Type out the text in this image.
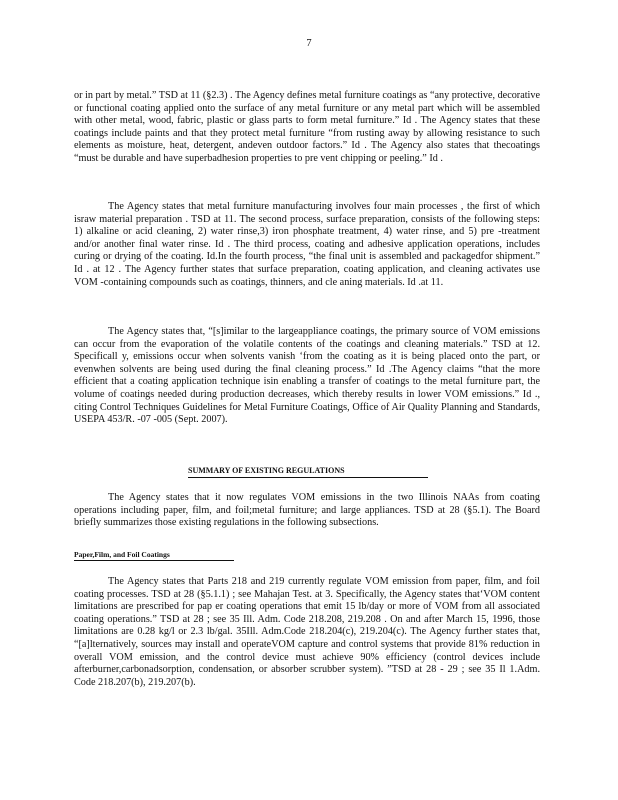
7

or in part by metal.” TSD at 11 (§2.3) . The Agency defines metal furniture coatings as “any protective, decorative or functional coating applied onto the surface of any metal furniture or any metal part which will be assembled with other metal, wood, fabric, plastic or glass parts to form metal furniture.” Id . The Agency states that these coatings include paints and that they protect metal furniture “from rusting away by allowing resistance to such elements as moisture, heat, detergent, andeven outdoor factors.” Id . The Agency also states that thecoatings “must be durable and have superbadhesion properties to pre vent chipping or peeling.” Id .

The Agency states that metal furniture manufacturing involves four main processes , the first of which israw material preparation . TSD at 11. The second process, surface preparation, consists of the following steps: 1) alkaline or acid cleaning, 2) water rinse,3) iron phosphate treatment, 4) water rinse, and 5) pre -treatment and/or another final water rinse. Id . The third process, coating and adhesive application operations, includes curing or drying of the coating. Id.In the fourth process, “the final unit is assembled and packagedfor shipment.” Id . at 12 . The Agency further states that surface preparation, coating application, and cleaning activates use VOM -containing compounds such as coatings, thinners, and cle aning materials. Id .at 11.

The Agency states that, “[s]imilar to the largeappliance coatings, the primary source of VOM emissions can occur from the evaporation of the volatile contents of the coatings and cleaning materials.” TSD at 12. Specificall y, emissions occur when solvents vanish ‘from the coating as it is being placed onto the part, or evenwhen solvents are being used during the final cleaning process.” Id .The Agency claims “that the more efficient that a coating application technique isin enabling a transfer of coatings to the metal furniture part, the volume of coatings needed during production decreases, which thereby results in lower VOM emissions.” Id ., citing Control Techniques Guidelines for Metal Furniture Coatings, Office of Air Quality Planning and Standards, USEPA 453/R. -07 -005 (Sept. 2007).

SUMMARY OF EXISTING REGULATIONS

The Agency states that it now regulates VOM emissions in the two Illinois NAAs from coating operations including paper, film, and foil;metal furniture; and large appliances. TSD at 28 (§5.1). The Board briefly summarizes those existing regulations in the following subsections.

Paper,Film, and Foil Coatings

The Agency states that Parts 218 and 219 currently regulate VOM emission from paper, film, and foil coating processes. TSD at 28 (§5.1.1) ; see Mahajan Test. at 3. Specifically, the Agency states that‘VOM content limitations are prescribed for pap er coating operations that emit 15 lb/day or more of VOM from all associated coating operations.” TSD at 28 ; see 35 Ill. Adm. Code 218.208, 219.208 . On and after March 15, 1996, those limitations are 0.28 kg/l or 2.3 lb/gal. 35Ill. Adm.Code 218.204(c), 219.204(c). The Agency further states that, “[a]lternatively, sources may install and operateVOM capture and control systems that provide 81% reduction in overall VOM emission, and the control device must achieve 90% efficiency (control devices include afterburner,carbonadsorption, condensation, or absorber scrubber system). ”TSD at 28 - 29 ; see 35 Il 1.Adm. Code 218.207(b), 219.207(b).
